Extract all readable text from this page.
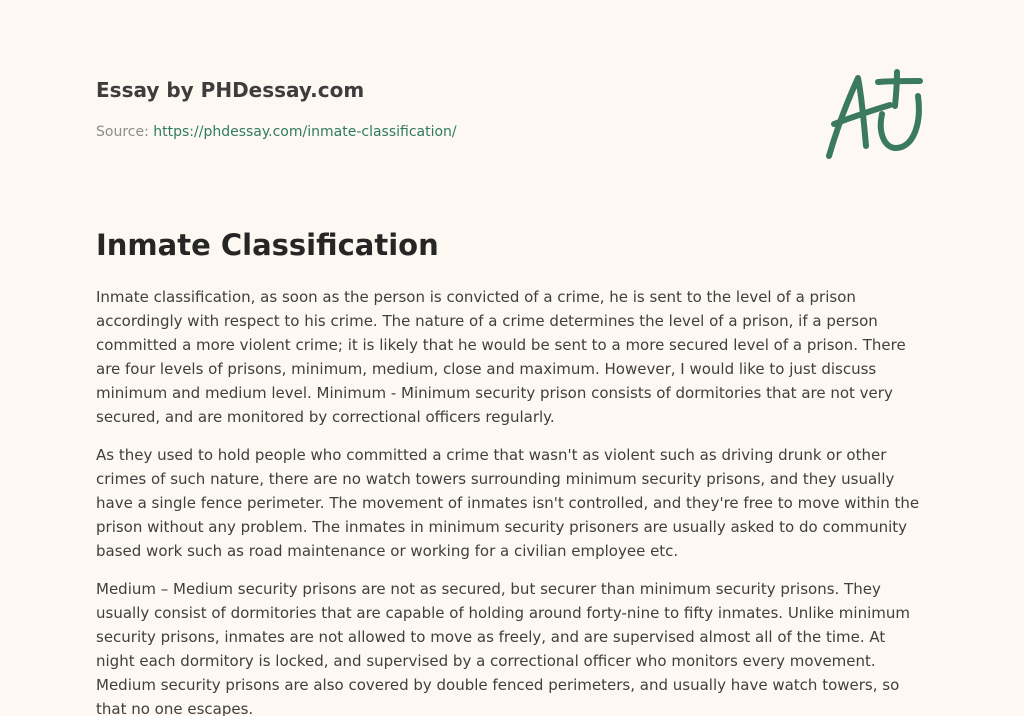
Essay by PHDessay.com
Source: https://phdessay.com/inmate-classification/
Inmate Classification

Inmate classification, as soon as the person is convicted of a crime, he is sent to the level of a prison accordingly with respect to his crime. The nature of a crime determines the level of a prison, if a person committed a more violent crime; it is likely that he would be sent to a more secured level of a prison. There are four levels of prisons, minimum, medium, close and maximum. However, I would like to just discuss minimum and medium level. Minimum - Minimum security prison consists of dormitories that are not very secured, and are monitored by correctional officers regularly.

As they used to hold people who committed a crime that wasn't as violent such as driving drunk or other crimes of such nature, there are no watch towers surrounding minimum security prisons, and they usually have a single fence perimeter. The movement of inmates isn't controlled, and they're free to move within the prison without any problem. The inmates in minimum security prisoners are usually asked to do community based work such as road maintenance or working for a civilian employee etc.

Medium – Medium security prisons are not as secured, but securer than minimum security prisons. They usually consist of dormitories that are capable of holding around forty-nine to fifty inmates. Unlike minimum security prisons, inmates are not allowed to move as freely, and are supervised almost all of the time. At night each dormitory is locked, and supervised by a correctional officer who monitors every movement. Medium security prisons are also covered by double fenced perimeters, and usually have watch towers, so that no one escapes.
